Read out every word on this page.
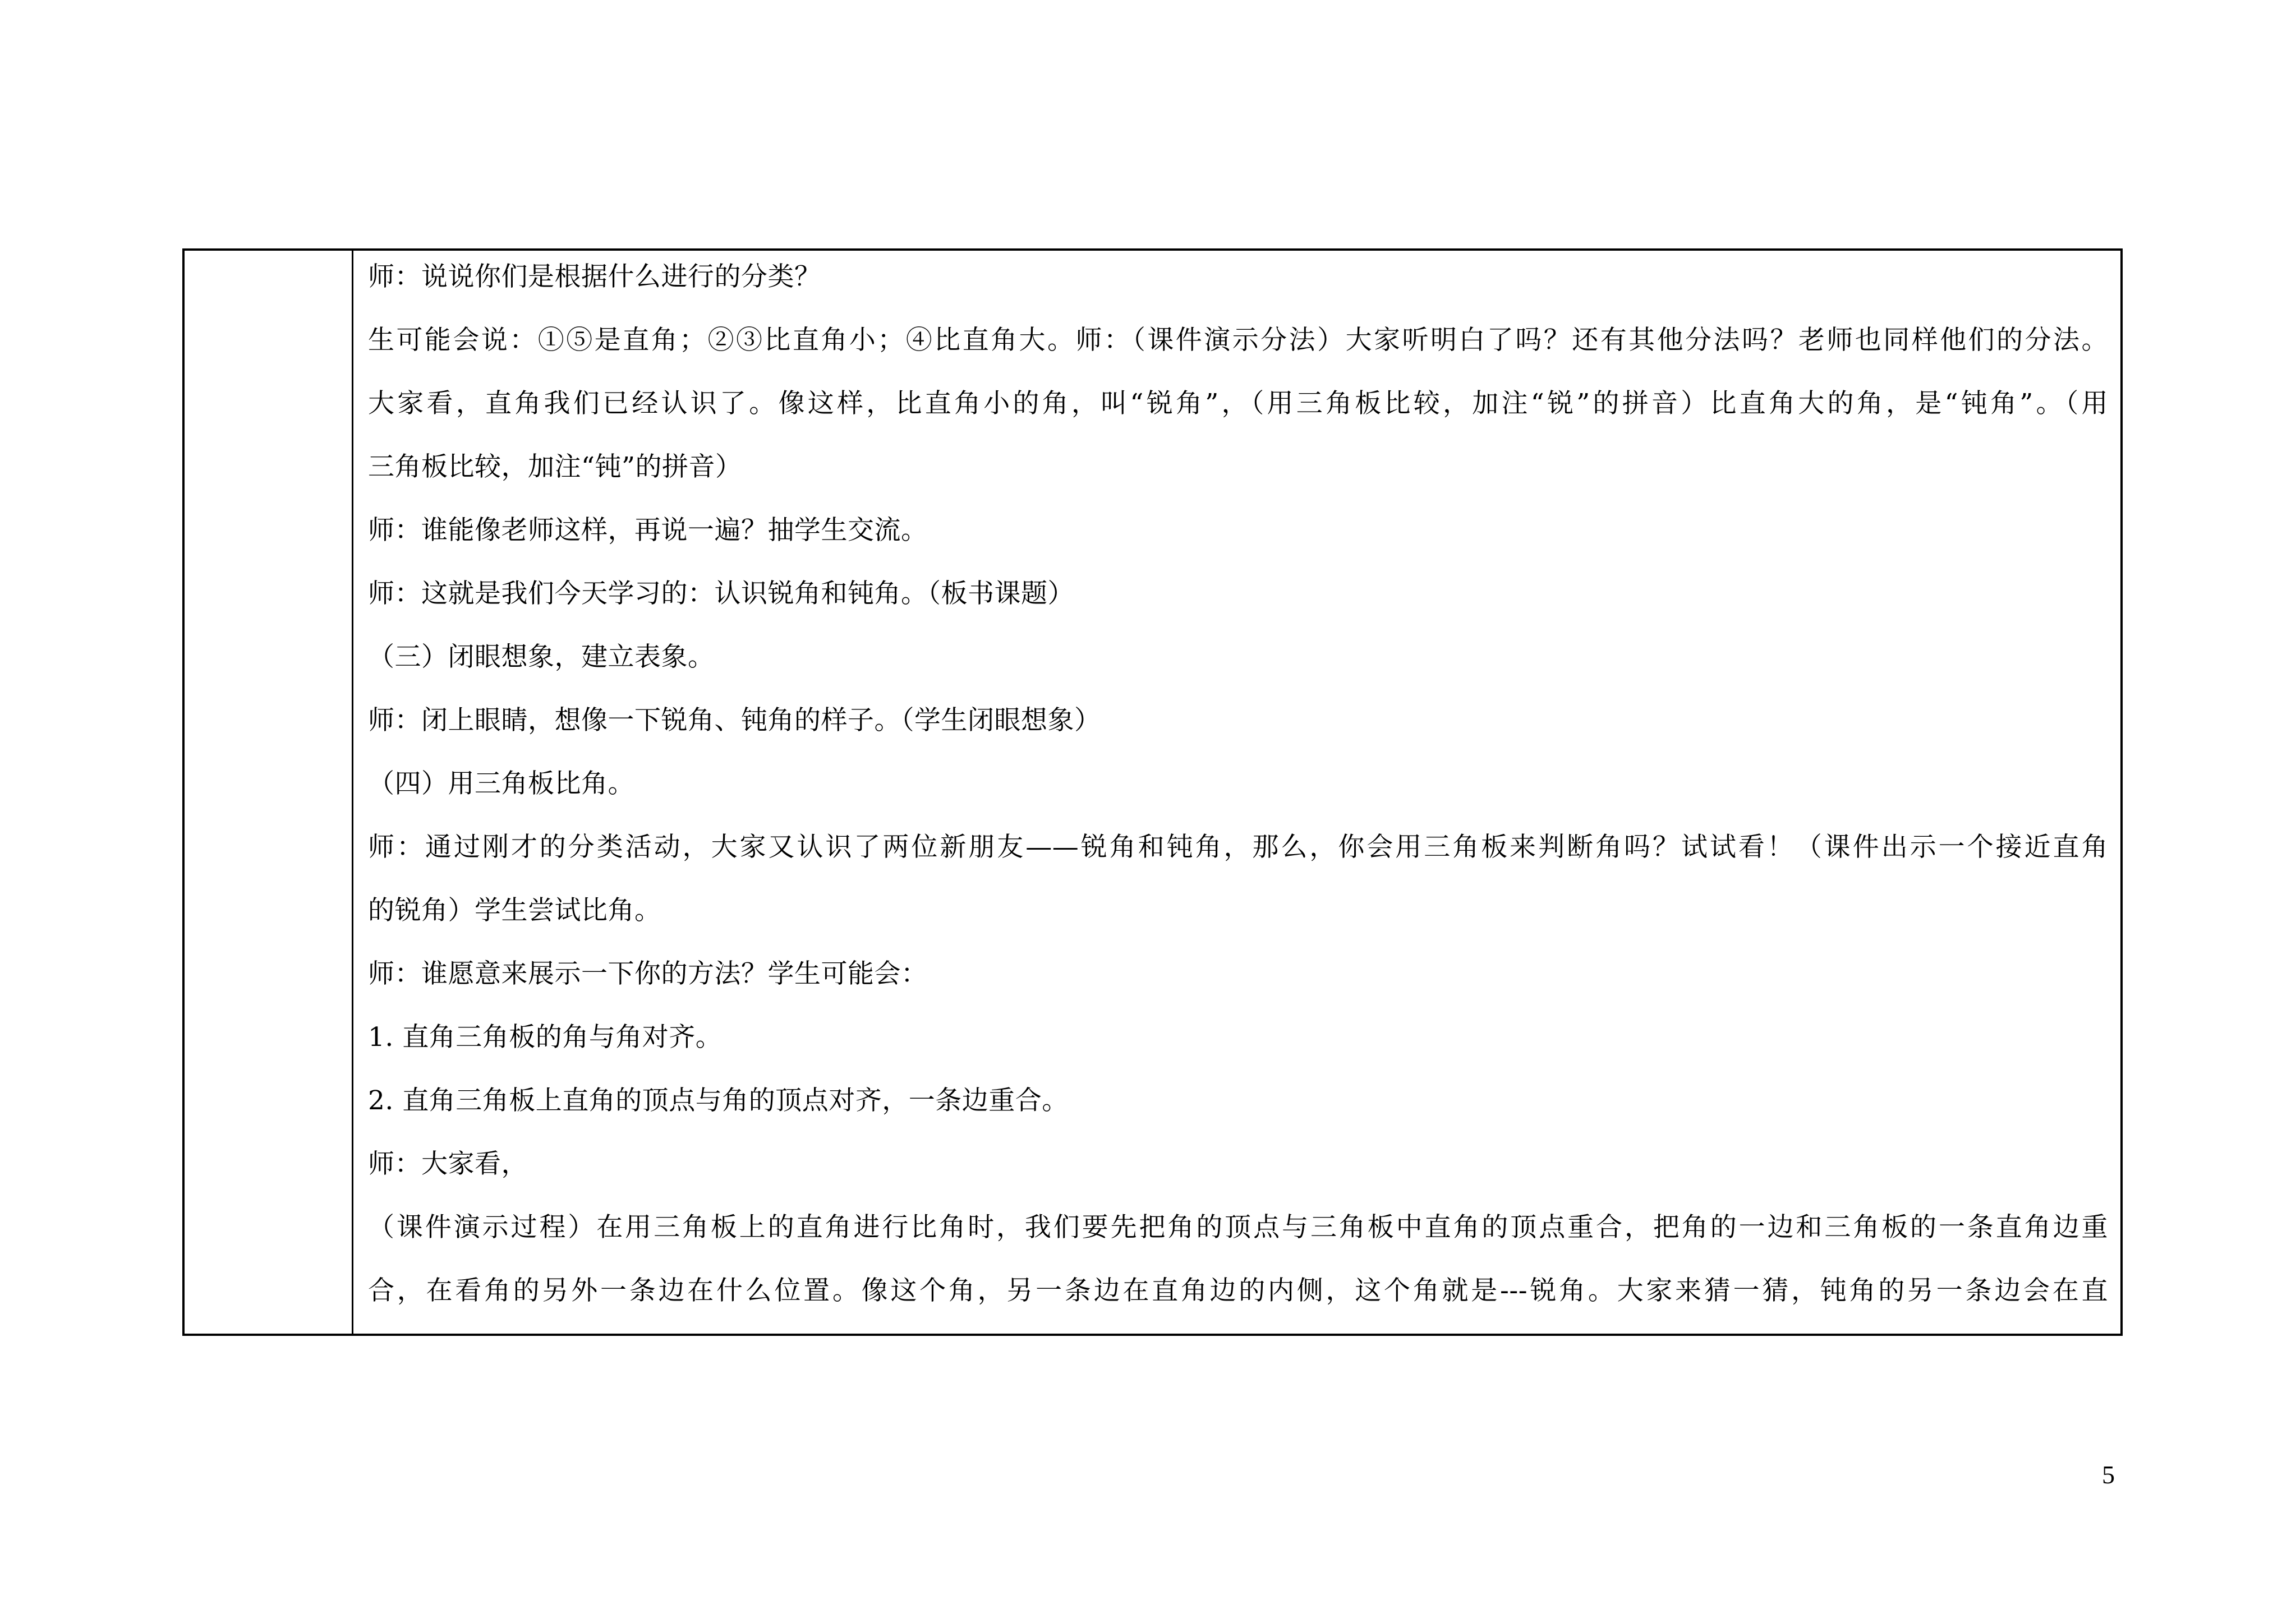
师：说说你们是根据什么进行的分类？
生可能会说：①⑤是直角；②③比直角小；④比直角大。师：（课件演示分法）大家听明白了吗？还有其他分法吗？老师也同样他们的分法。
大家看，直角我们已经认识了。像这样，比直角小的角，叫“锐角”，（用三角板比较，加注“锐”的拼音）比直角大的角，是“钝角”。（用
三角板比较，加注“钝”的拼音）
师：谁能像老师这样，再说一遍？抽学生交流。
师：这就是我们今天学习的：认识锐角和钝角。（板书课题）
（三）闭眼想象，建立表象。
师：闭上眼睛，想像一下锐角、钝角的样子。（学生闭眼想象）
（四）用三角板比角。
师：通过刚才的分类活动，大家又认识了两位新朋友——锐角和钝角，那么，你会用三角板来判断角吗？试试看！（课件出示一个接近直角
的锐角）学生尝试比角。
师：谁愿意来展示一下你的方法？学生可能会：
1. 直角三角板的角与角对齐。
2. 直角三角板上直角的顶点与角的顶点对齐，一条边重合。
师：大家看，
（课件演示过程）在用三角板上的直角进行比角时，我们要先把角的顶点与三角板中直角的顶点重合，把角的一边和三角板的一条直角边重
合，在看角的另外一条边在什么位置。像这个角，另一条边在直角边的内侧，这个角就是---锐角。大家来猜一猜，钝角的另一条边会在直
5
